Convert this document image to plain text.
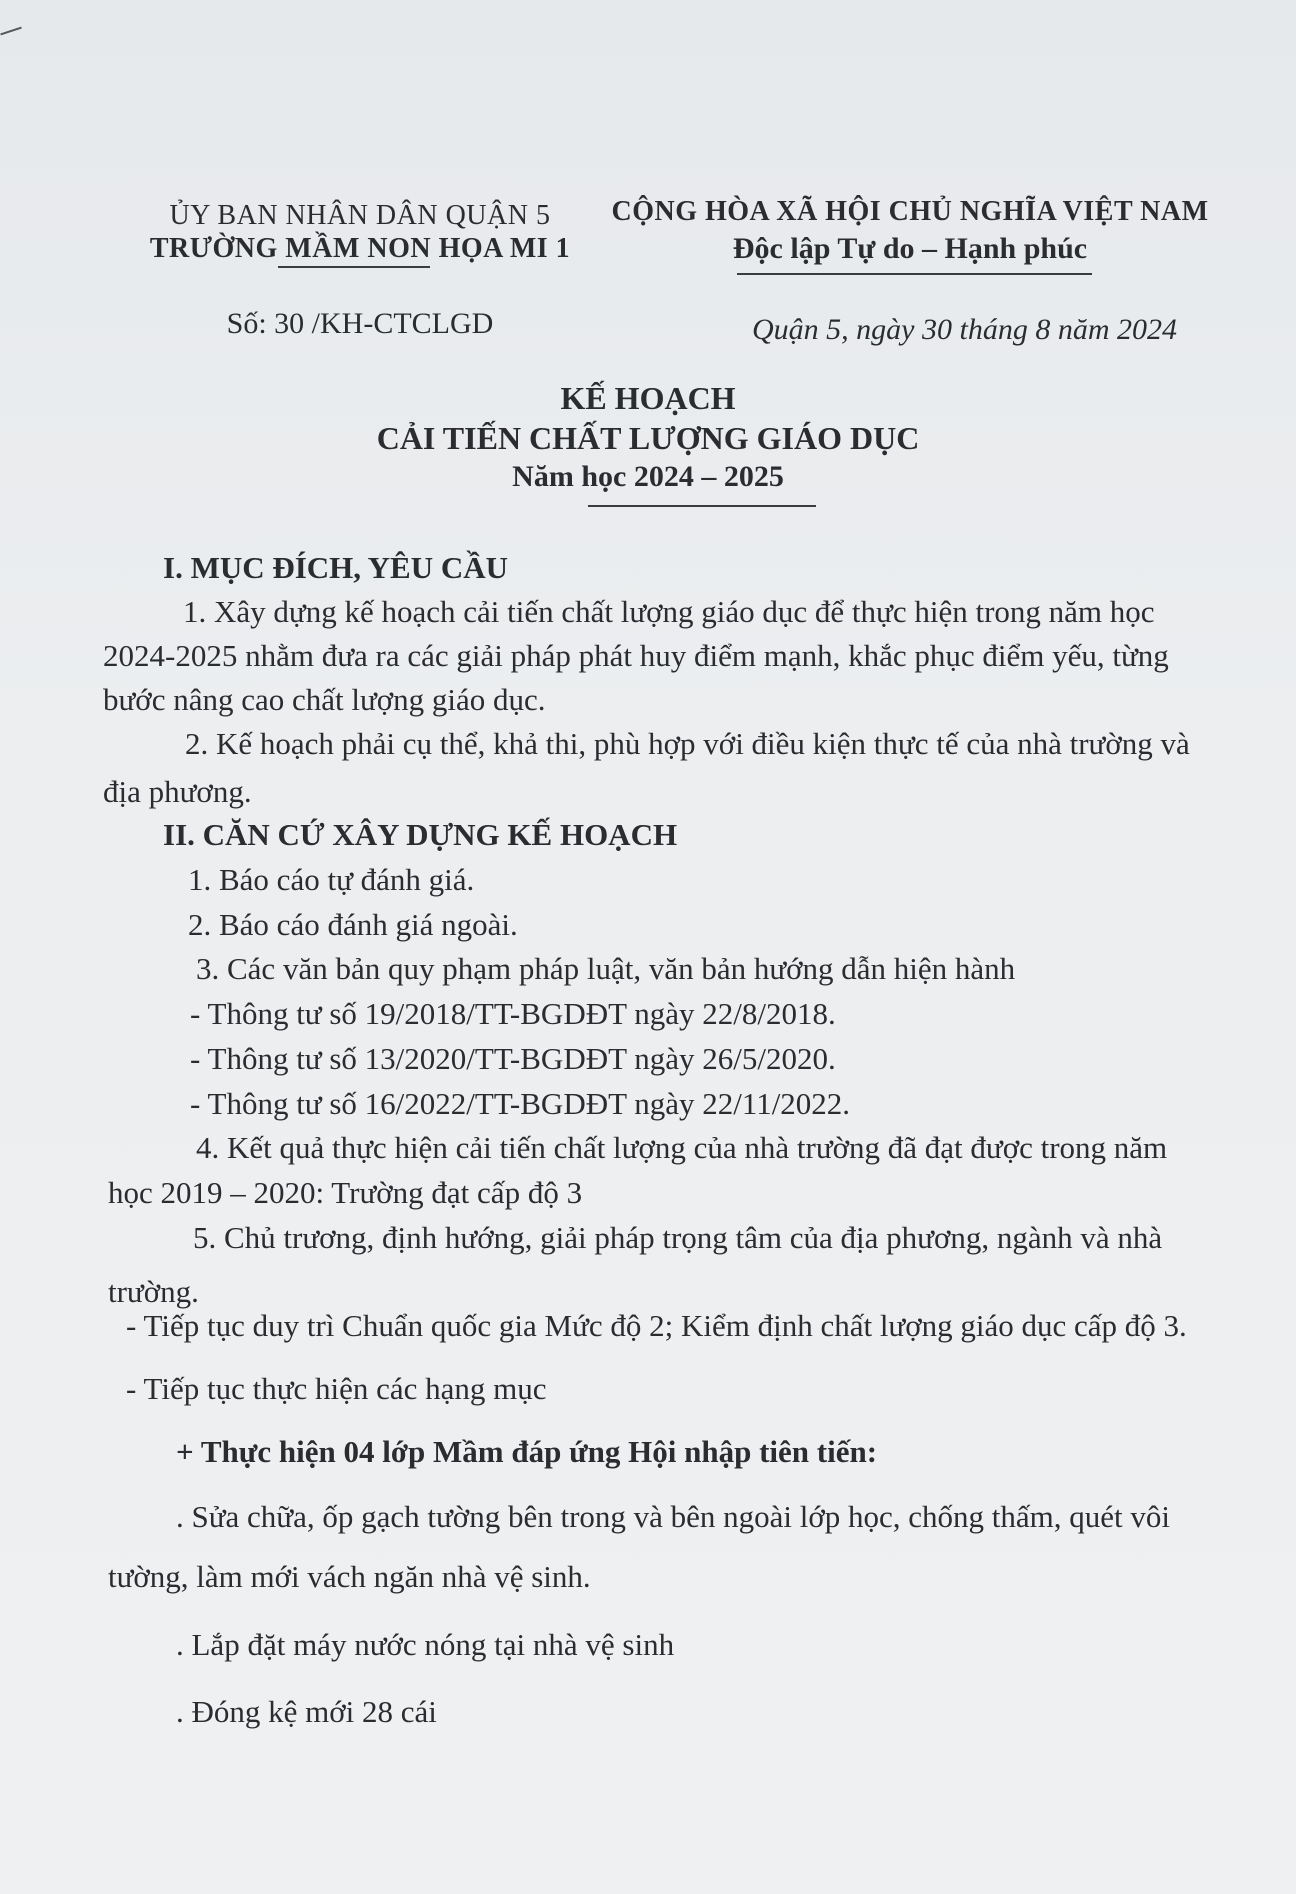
ỦY BAN NHÂN DÂN QUẬN 5
TRƯỜNG MẦM NON HỌA MI 1
Số: 30 /KH-CTCLGD
CỘNG HÒA XÃ HỘI CHỦ NGHĨA VIỆT NAM
Độc lập Tự do – Hạnh phúc
Quận 5, ngày 30 tháng 8 năm 2024
KẾ HOẠCH
CẢI TIẾN CHẤT LƯỢNG GIÁO DỤC
Năm học 2024 – 2025
I. MỤC ĐÍCH, YÊU CẦU
1. Xây dựng kế hoạch cải tiến chất lượng giáo dục để thực hiện trong năm học
2024-2025 nhằm đưa ra các giải pháp phát huy điểm mạnh, khắc phục điểm yếu, từng
bước nâng cao chất lượng giáo dục.
2. Kế hoạch phải cụ thể, khả thi, phù hợp với điều kiện thực tế của nhà trường và
địa phương.
II. CĂN CỨ XÂY DỰNG KẾ HOẠCH
1. Báo cáo tự đánh giá.
2. Báo cáo đánh giá ngoài.
3. Các văn bản quy phạm pháp luật, văn bản hướng dẫn hiện hành
- Thông tư số 19/2018/TT-BGDĐT ngày 22/8/2018.
- Thông tư số 13/2020/TT-BGDĐT ngày 26/5/2020.
- Thông tư số 16/2022/TT-BGDĐT ngày 22/11/2022.
4. Kết quả thực hiện cải tiến chất lượng của nhà trường đã đạt được trong năm
học 2019 – 2020: Trường đạt cấp độ 3
5. Chủ trương, định hướng, giải pháp trọng tâm của địa phương, ngành và nhà
trường.
- Tiếp tục duy trì Chuẩn quốc gia Mức độ 2; Kiểm định chất lượng giáo dục cấp độ 3.
- Tiếp tục thực hiện các hạng mục
+ Thực hiện 04 lớp Mầm đáp ứng Hội nhập tiên tiến:
. Sửa chữa, ốp gạch tường bên trong và bên ngoài lớp học, chống thấm, quét vôi
tường, làm mới vách ngăn nhà vệ sinh.
. Lắp đặt máy nước nóng tại nhà vệ sinh
. Đóng kệ mới 28 cái
